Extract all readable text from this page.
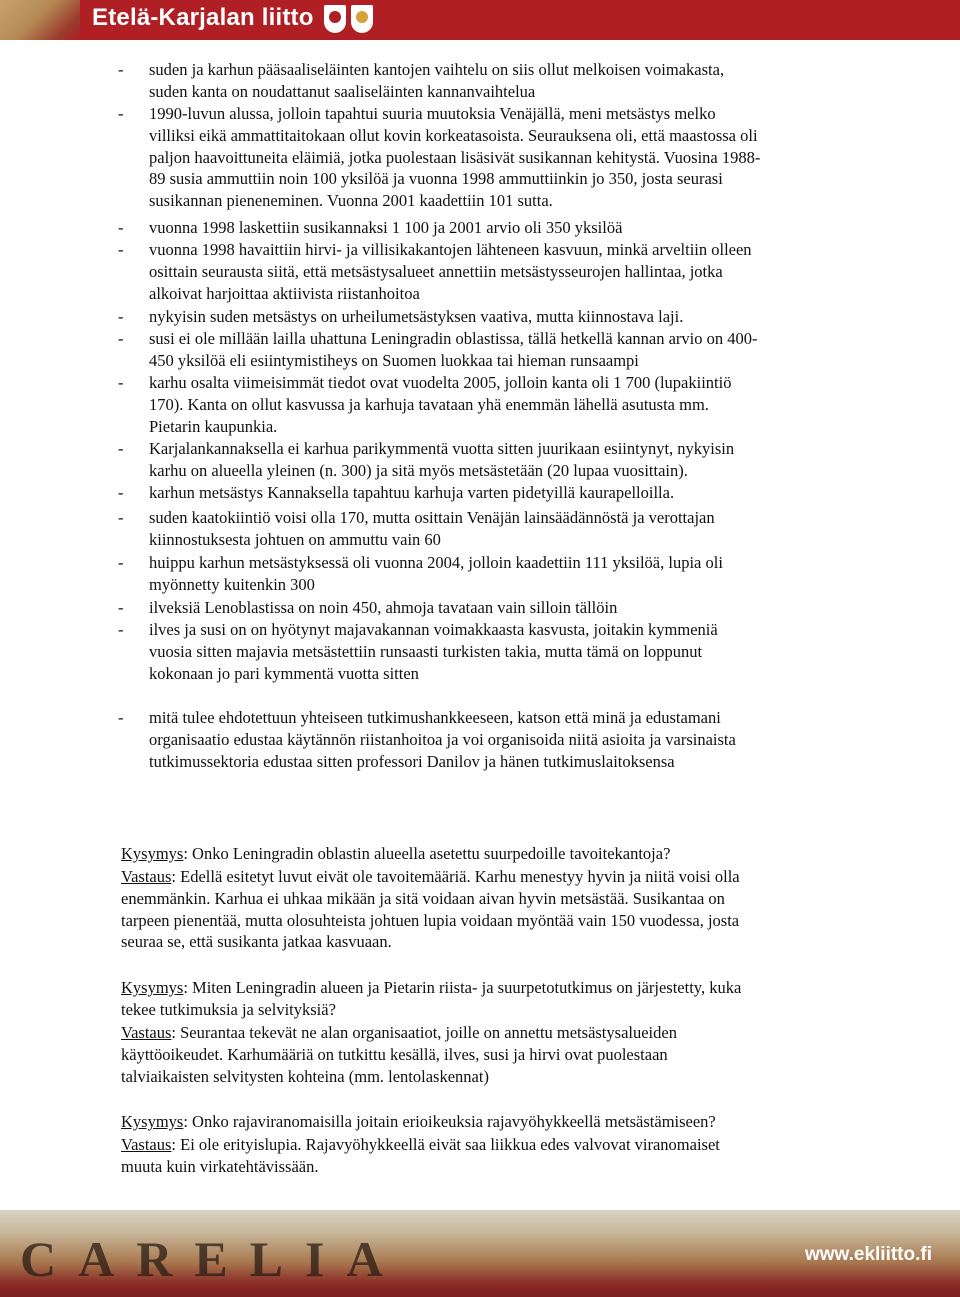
Etelä-Karjalan liitto
- suden ja karhun pääsaaliseläinten kantojen vaihtelu on siis ollut melkoisen voimakasta,
suden kanta on noudattanut saaliseläinten kannanvaihtelua
- 1990-luvun alussa, jolloin tapahtui suuria muutoksia Venäjällä, meni metsästys melko
villiksi eikä ammattitaitokaan ollut kovin korkeatasoista. Seurauksena oli, että maastossa oli
paljon haavoittuneita eläimiä, jotka puolestaan lisäsivät susikannan kehitystä. Vuosina 1988-
89 susia ammuttiin noin 100 yksilöä ja vuonna 1998 ammuttiinkin jo 350, josta seurasi
susikannan pieneneminen. Vuonna 2001 kaadettiin 101 sutta.
- vuonna 1998 laskettiin susikannaksi 1 100 ja 2001 arvio oli 350 yksilöä
- vuonna 1998 havaittiin hirvi- ja villisikakantojen lähteneen kasvuun, minkä arveltiin olleen
osittain seurausta siitä, että metsästysalueet annettiin metsästysseurojen hallintaa, jotka
alkoivat harjoittaa aktiivista riistanhoitoa
- nykyisin suden metsästys on urheilumetsästyksen vaativa, mutta kiinnostava laji.
- susi ei ole millään lailla uhattuna Leningradin oblastissa, tällä hetkellä kannan arvio on 400-
450 yksilöä eli esiintymistiheys on Suomen luokkaa tai hieman runsaampi
- karhu osalta viimeisimmät tiedot ovat vuodelta 2005, jolloin kanta oli 1 700 (lupakiintiö
170). Kanta on ollut kasvussa ja karhuja tavataan yhä enemmän lähellä asutusta mm.
Pietarin kaupunkia.
- Karjalankannaksella ei karhua parikymmentä vuotta sitten juurikaan esiintynyt, nykyisin
karhu on alueella yleinen (n. 300) ja sitä myös metsästetään (20 lupaa vuosittain).
- karhun metsästys Kannaksella tapahtuu karhuja varten pidetyillä kaurapelloilla.
- suden kaatokiintiö voisi olla 170, mutta osittain Venäjän lainsäädännöstä ja verottajan
kiinnostuksesta johtuen on ammuttu vain 60
- huippu karhun metsästyksessä oli vuonna 2004, jolloin kaadettiin 111 yksilöä, lupia oli
myönnetty kuitenkin 300
- ilveksiä Lenoblastissa on noin 450, ahmoja tavataan vain silloin tällöin
- ilves ja susi on on hyötynyt majavakannan voimakkaasta kasvusta, joitakin kymmeniä
vuosia sitten majavia metsästettiin runsaasti turkisten takia, mutta tämä on loppunut
kokonaan jo pari kymmentä vuotta sitten
- mitä tulee ehdotettuun yhteiseen tutkimushankkeeseen, katson että minä ja edustamani
organisaatio edustaa käytännön riistanhoitoa ja voi organisoida niitä asioita ja varsinaista
tutkimussektoria edustaa sitten professori Danilov ja hänen tutkimuslaitoksensa
Kysymys: Onko Leningradin oblastin alueella asetettu suurpedoille tavoitekantoja?
Vastaus: Edellä esitetyt luvut eivät ole tavoitemääriä. Karhu menestyy hyvin ja niitä voisi olla
enemmänkin. Karhua ei uhkaa mikään ja sitä voidaan aivan hyvin metsästää. Susikantaa on
tarpeen pienentää, mutta olosuhteista johtuen lupia voidaan myöntää vain 150 vuodessa, josta
seuraa se, että susikanta jatkaa kasvuaan.
Kysymys: Miten Leningradin alueen ja Pietarin riista- ja suurpetotutkimus on järjestetty, kuka
tekee tutkimuksia ja selvityksiä?
Vastaus: Seurantaa tekevät ne alan organisaatiot, joille on annettu metsästysalueiden
käyttöoikeudet. Karhumääriä on tutkittu kesällä, ilves, susi ja hirvi ovat puolestaan
talviaikaisten selvitysten kohteina (mm. lentolaskennat)
Kysymys: Onko rajaviranomaisilla joitain erioikeuksia rajavyöhykkeellä metsästämiseen?
Vastaus: Ei ole erityislupia. Rajavyöhykkeellä eivät saa liikkua edes valvovat viranomaiset
muuta kuin virkatehtävissään.
CARELIA	www.ekliitto.fi
